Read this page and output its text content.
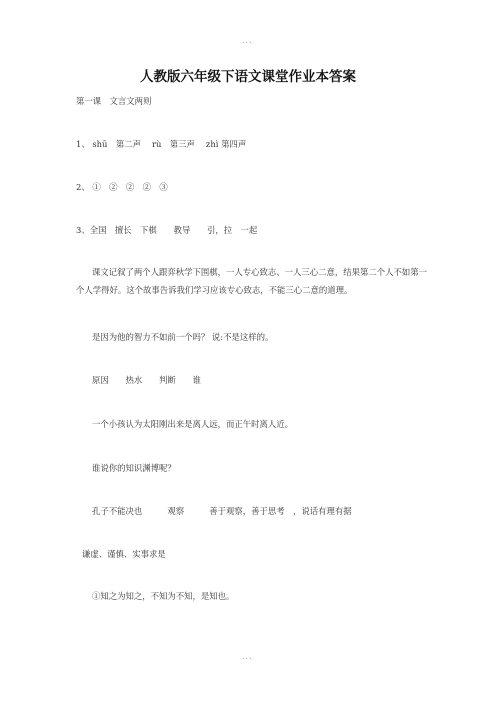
...
人教版六年级下语文课堂作业本答案
第一课　文言文两则
1、 shū　第二声　 rù　第三声　 zhì 第四声
2、 ①　②　②　②　③
3、全国　擅长　下棋　　教导　　引，拉　一起
课文记叙了两个人跟弈秋学下围棋，一人专心致志、一人三心二意，结果第二个人不如第一个人学得好。这个故事告诉我们学习应该专心致志，不能三心二意的道理。
是因为他的智力不如前一个吗？ 说:不是这样的。
原因　　热水　　判断　　谁
一个小孩认为太阳刚出来是离人远，而正午时离人近。
谁说你的知识渊博呢？
孔子不能决也　　　观察　　　善于观察，善于思考　，说话有理有据
谦虚、谨慎、实事求是
①知之为知之，不知为不知，是知也。
...
